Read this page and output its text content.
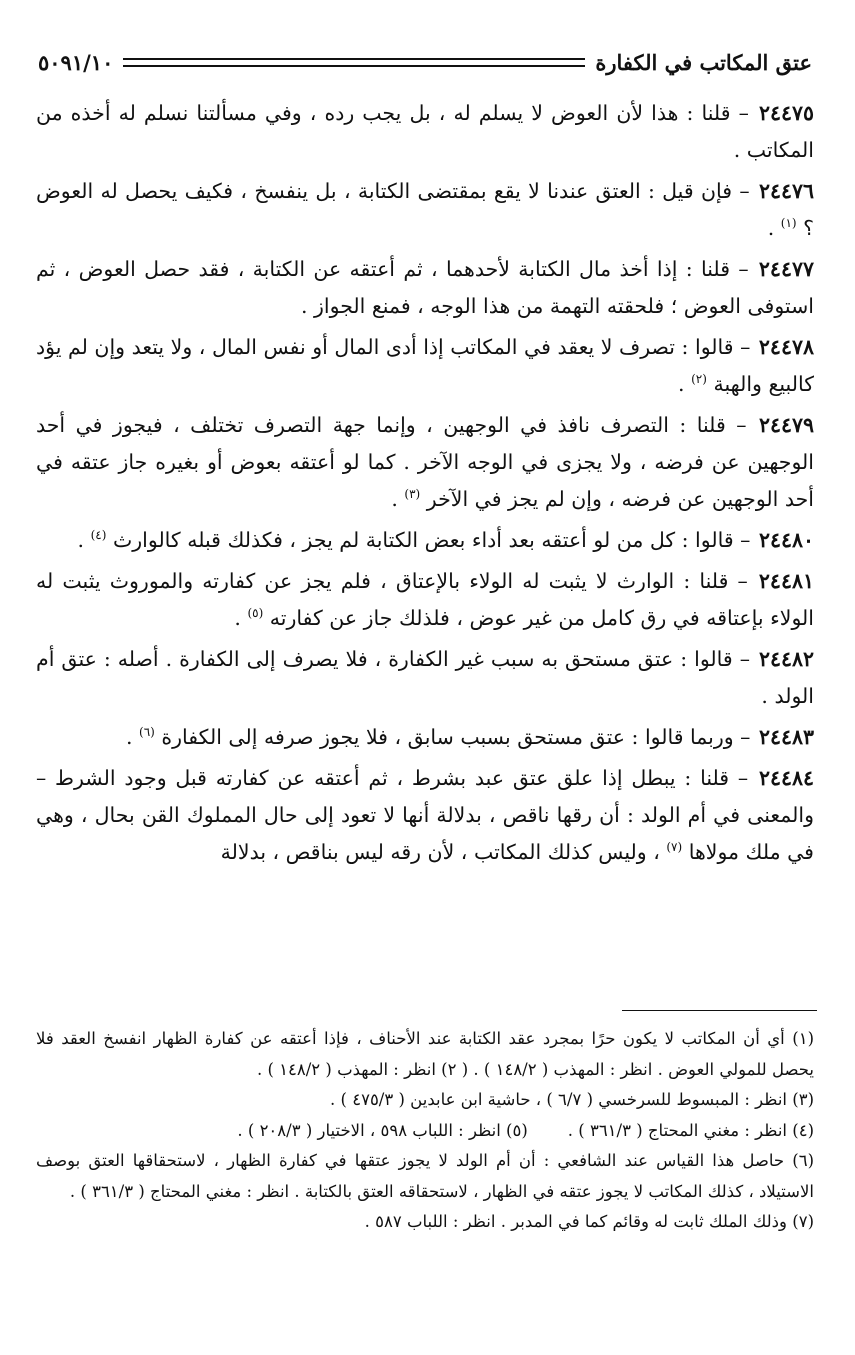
عتق المكاتب في الكفارة
٥٠٩١/١٠

٢٤٤٧٥ – قلنا : هذا لأن العوض لا يسلم له ، بل يجب رده ، وفي مسألتنا نسلم له أخذه من المكاتب .

٢٤٤٧٦ – فإن قيل : العتق عندنا لا يقع بمقتضى الكتابة ، بل ينفسخ ، فكيف يحصل له العوض ؟ $^{(١)}$ .

٢٤٤٧٧ – قلنا : إذا أخذ مال الكتابة لأحدهما ، ثم أعتقه عن الكتابة ، فقد حصل العوض ، ثم استوفى العوض ؛ فلحقته التهمة من هذا الوجه ، فمنع الجواز .

٢٤٤٧٨ – قالوا : تصرف لا يعقد في المكاتب إذا أدى المال أو نفس المال ، ولا يتعد وإن لم يؤد كالبيع والهبة $^{(٢)}$ .

٢٤٤٧٩ – قلنا : التصرف نافذ في الوجهين ، وإنما جهة التصرف تختلف ، فيجوز في أحد الوجهين عن فرضه ، ولا يجزى في الوجه الآخر . كما لو أعتقه بعوض أو بغيره جاز عتقه في أحد الوجهين عن فرضه ، وإن لم يجز في الآخر $^{(٣)}$ .

٢٤٤٨٠ – قالوا : كل من لو أعتقه بعد أداء بعض الكتابة لم يجز ، فكذلك قبله كالوارث $^{(٤)}$ .

٢٤٤٨١ – قلنا : الوارث لا يثبت له الولاء بالإعتاق ، فلم يجز عن كفارته والموروث يثبت له الولاء بإعتاقه في رق كامل من غير عوض ، فلذلك جاز عن كفارته $^{(٥)}$ .

٢٤٤٨٢ – قالوا : عتق مستحق به سبب غير الكفارة ، فلا يصرف إلى الكفارة . أصله : عتق أم الولد .

٢٤٤٨٣ – وربما قالوا : عتق مستحق بسبب سابق ، فلا يجوز صرفه إلى الكفارة $^{(٦)}$ .

٢٤٤٨٤ – قلنا : يبطل إذا علق عتق عبد بشرط ، ثم أعتقه عن كفارته قبل وجود الشرط – والمعنى في أم الولد : أن رقها ناقص ، بدلالة أنها لا تعود إلى حال المملوك القن بحال ، وهي في ملك مولاها $^{(٧)}$ ، وليس كذلك المكاتب ، لأن رقه ليس بناقص ، بدلالة

(١) أي أن المكاتب لا يكون حرًا بمجرد عقد الكتابة عند الأحناف ، فإذا أعتقه عن كفارة الظهار انفسخ العقد فلا يحصل للمولي العوض . انظر : المهذب ( ١٤٨/٢ ) . ( ٢) انظر : المهذب ( ١٤٨/٢ ) .

(٣) انظر : المبسوط للسرخسي ( ٦/٧ ) ، حاشية ابن عابدين ( ٤٧٥/٣ ) .

(٤) انظر : مغني المحتاج ( ٣٦١/٣ ) .
(٥) انظر : اللباب ٥٩٨ ، الاختيار ( ٢٠٨/٣ ) .

(٦) حاصل هذا القياس عند الشافعي : أن أم الولد لا يجوز عتقها في كفارة الظهار ، لاستحقاقها العتق بوصف الاستيلاد ، كذلك المكاتب لا يجوز عتقه في الظهار ، لاستحقاقه العتق بالكتابة . انظر : مغني المحتاج ( ٣٦١/٣ ) .

(٧) وذلك الملك ثابت له وقائم كما في المدبر . انظر : اللباب ٥٨٧ .
